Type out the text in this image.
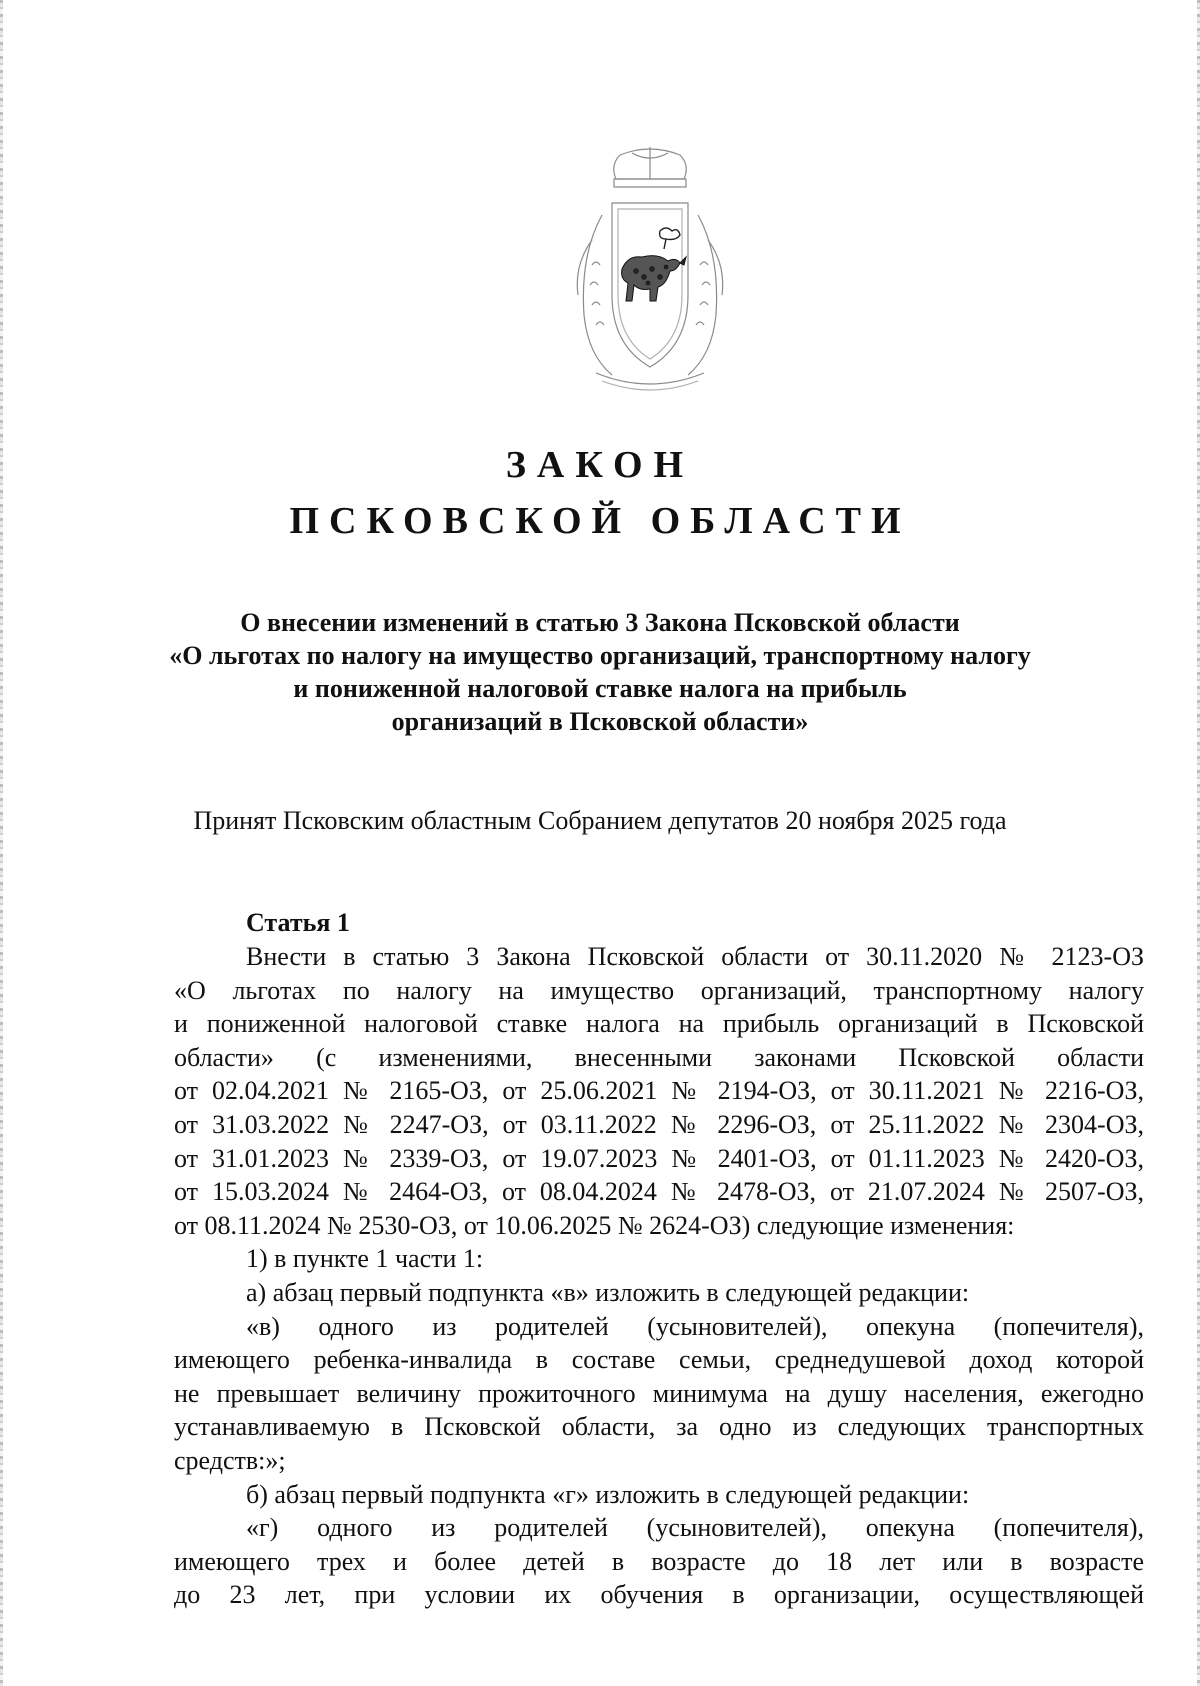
ЗАКОН
ПСКОВСКОЙ ОБЛАСТИ
О внесении изменений в статью 3 Закона Псковской области
«О льготах по налогу на имущество организаций, транспортному налогу
и пониженной налоговой ставке налога на прибыль
организаций в Псковской области»
Принят Псковским областным Собранием депутатов 20 ноября 2025 года
Статья 1
Внести в статью 3 Закона Псковской области от 30.11.2020 № 2123-ОЗ
«О льготах по налогу на имущество организаций, транспортному налогу
и пониженной налоговой ставке налога на прибыль организаций в Псковской
области» (с изменениями, внесенными законами Псковской области
от 02.04.2021 № 2165-ОЗ, от 25.06.2021 № 2194-ОЗ, от 30.11.2021 № 2216-ОЗ,
от 31.03.2022 № 2247-ОЗ, от 03.11.2022 № 2296-ОЗ, от 25.11.2022 № 2304-ОЗ,
от 31.01.2023 № 2339-ОЗ, от 19.07.2023 № 2401-ОЗ, от 01.11.2023 № 2420-ОЗ,
от 15.03.2024 № 2464-ОЗ, от 08.04.2024 № 2478-ОЗ, от 21.07.2024 № 2507-ОЗ,
от 08.11.2024 № 2530-ОЗ, от 10.06.2025 № 2624-ОЗ) следующие изменения:
1) в пункте 1 части 1:
а) абзац первый подпункта «в» изложить в следующей редакции:
«в) одного из родителей (усыновителей), опекуна (попечителя),
имеющего ребенка-инвалида в составе семьи, среднедушевой доход которой
не превышает величину прожиточного минимума на душу населения, ежегодно
устанавливаемую в Псковской области, за одно из следующих транспортных
средств:»;
б) абзац первый подпункта «г» изложить в следующей редакции:
«г) одного из родителей (усыновителей), опекуна (попечителя),
имеющего трех и более детей в возрасте до 18 лет или в возрасте
до 23 лет, при условии их обучения в организации, осуществляющей
